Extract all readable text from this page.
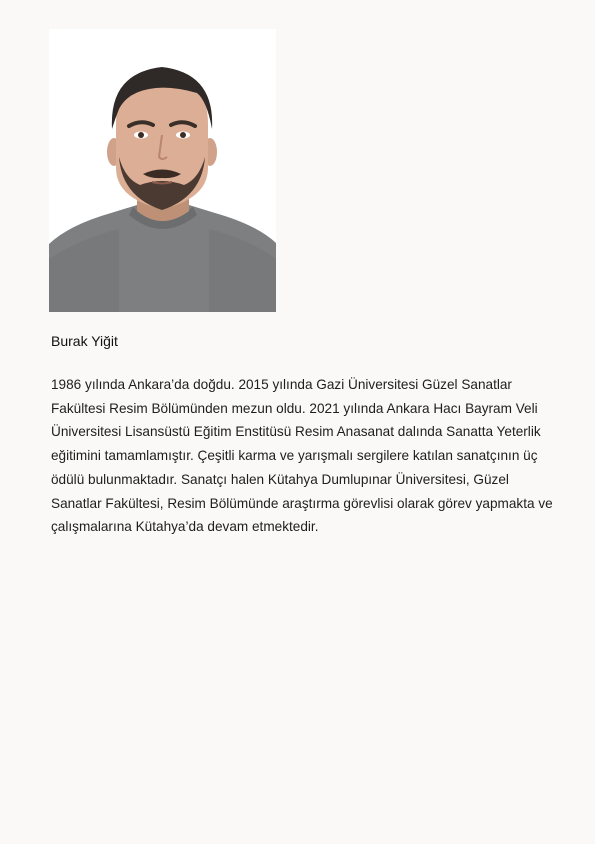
Burak Yiğit

1986 yılında Ankara’da doğdu. 2015 yılında Gazi Üniversitesi Güzel Sanatlar Fakültesi Resim Bölümünden mezun oldu. 2021 yılında Ankara Hacı Bayram Veli Üniversitesi Lisansüstü Eğitim Enstitüsü Resim Anasanat dalında Sanatta Yeterlik eğitimini tamamlamıştır. Çeşitli karma ve yarışmalı sergilere katılan sanatçının üç ödülü bulunmaktadır. Sanatçı halen Kütahya Dumlupınar Üniversitesi, Güzel Sanatlar Fakültesi, Resim Bölümünde araştırma görevlisi olarak görev yapmakta ve çalışmalarına Kütahya’da devam etmektedir.
